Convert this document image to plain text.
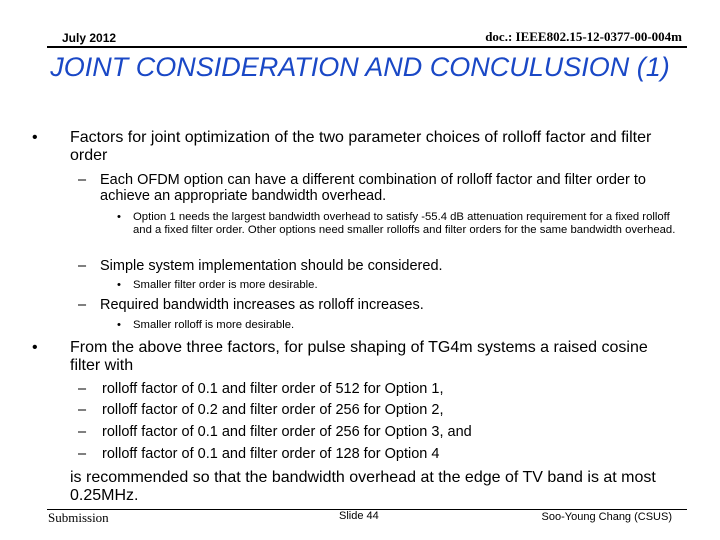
July 2012	doc.: IEEE802.15-12-0377-00-004m
JOINT CONSIDERATION AND CONCULUSION (1)
•	Factors for joint optimization of the two parameter choices of rolloff factor and filter order
– Each OFDM option can have a different combination of rolloff factor and filter order to achieve an appropriate bandwidth overhead.
•	Option 1 needs the largest bandwidth overhead to satisfy -55.4 dB attenuation requirement for a fixed rolloff and a fixed filter order. Other options need smaller rolloffs and filter orders for the same bandwidth overhead.
– Simple system implementation should be considered.
•	Smaller filter order is more desirable.
– Required bandwidth increases as rolloff increases.
•	Smaller rolloff is more desirable.
•	From the above three factors, for pulse shaping of TG4m systems a raised cosine filter with
–	rolloff factor of 0.1 and filter order of 512 for Option 1,
–	rolloff factor of 0.2 and filter order of 256 for Option 2,
–	rolloff factor of 0.1 and filter order of 256 for Option 3, and
–	rolloff factor of 0.1 and filter order of 128 for Option 4
is recommended so that the bandwidth overhead at the edge of TV band is at most 0.25MHz.
Submission	Slide 44	Soo-Young Chang (CSUS)
